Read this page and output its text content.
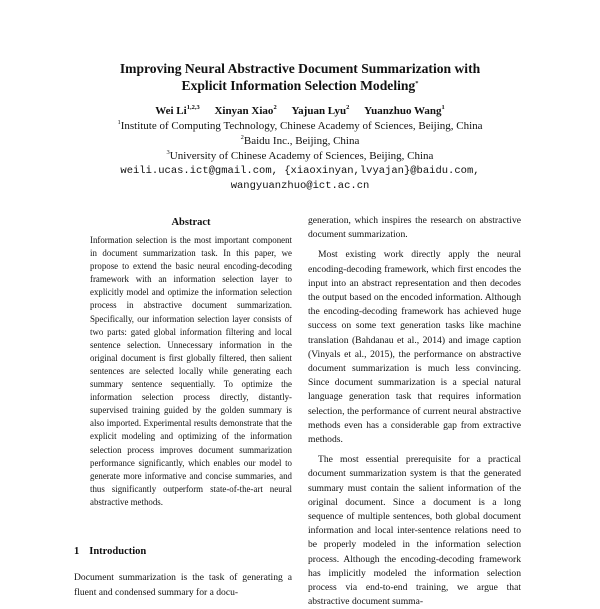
Improving Neural Abstractive Document Summarization with
Explicit Information Selection Modeling*
Wei Li$^{1,2,3}$ Xinyan Xiao$^2$ Yajuan Lyu$^2$ Yuanzhuo Wang$^1$
$^1$Institute of Computing Technology, Chinese Academy of Sciences, Beijing, China
$^2$Baidu Inc., Beijing, China
$^3$University of Chinese Academy of Sciences, Beijing, China
weili.ucas.ict@gmail.com, {xiaoxinyan,lvyajan}@baidu.com,
wangyuanzhuo@ict.ac.cn
Abstract
Information selection is the most important component in document summarization task. In this paper, we propose to extend the basic neural encoding-decoding framework with an information selection layer to explicitly model and optimize the information selection process in abstractive document summarization. Specifically, our information selection layer consists of two parts: gated global information filtering and local sentence selection. Unnecessary information in the original document is first globally filtered, then salient sentences are selected locally while generating each summary sentence sequentially. To optimize the information selection process directly, distantly-supervised training guided by the golden summary is also imported. Experimental results demonstrate that the explicit modeling and optimizing of the information selection process improves document summarization performance significantly, which enables our model to generate more informative and concise summaries, and thus significantly outperform state-of-the-art neural abstractive methods.
1 Introduction
Document summarization is the task of generating a fluent and condensed summary for a docu-

generation, which inspires the research on abstractive document summarization.

Most existing work directly apply the neural encoding-decoding framework, which first encodes the input into an abstract representation and then decodes the output based on the encoded information. Although the encoding-decoding framework has achieved huge success on some text generation tasks like machine translation (Bahdanau et al., 2014) and image caption (Vinyals et al., 2015), the performance on abstractive document summarization is much less convincing. Since document summarization is a special natural language generation task that requires information selection, the performance of current neural abstractive methods even has a considerable gap from extractive methods.

The most essential prerequisite for a practical document summarization system is that the generated summary must contain the salient information of the original document. Since a document is a long sequence of multiple sentences, both global document information and local inter-sentence relations need to be properly modeled in the information selection process. Although the encoding-decoding framework has implicitly modeled the information selection process via end-to-end training, we argue that abstractive document summa-
